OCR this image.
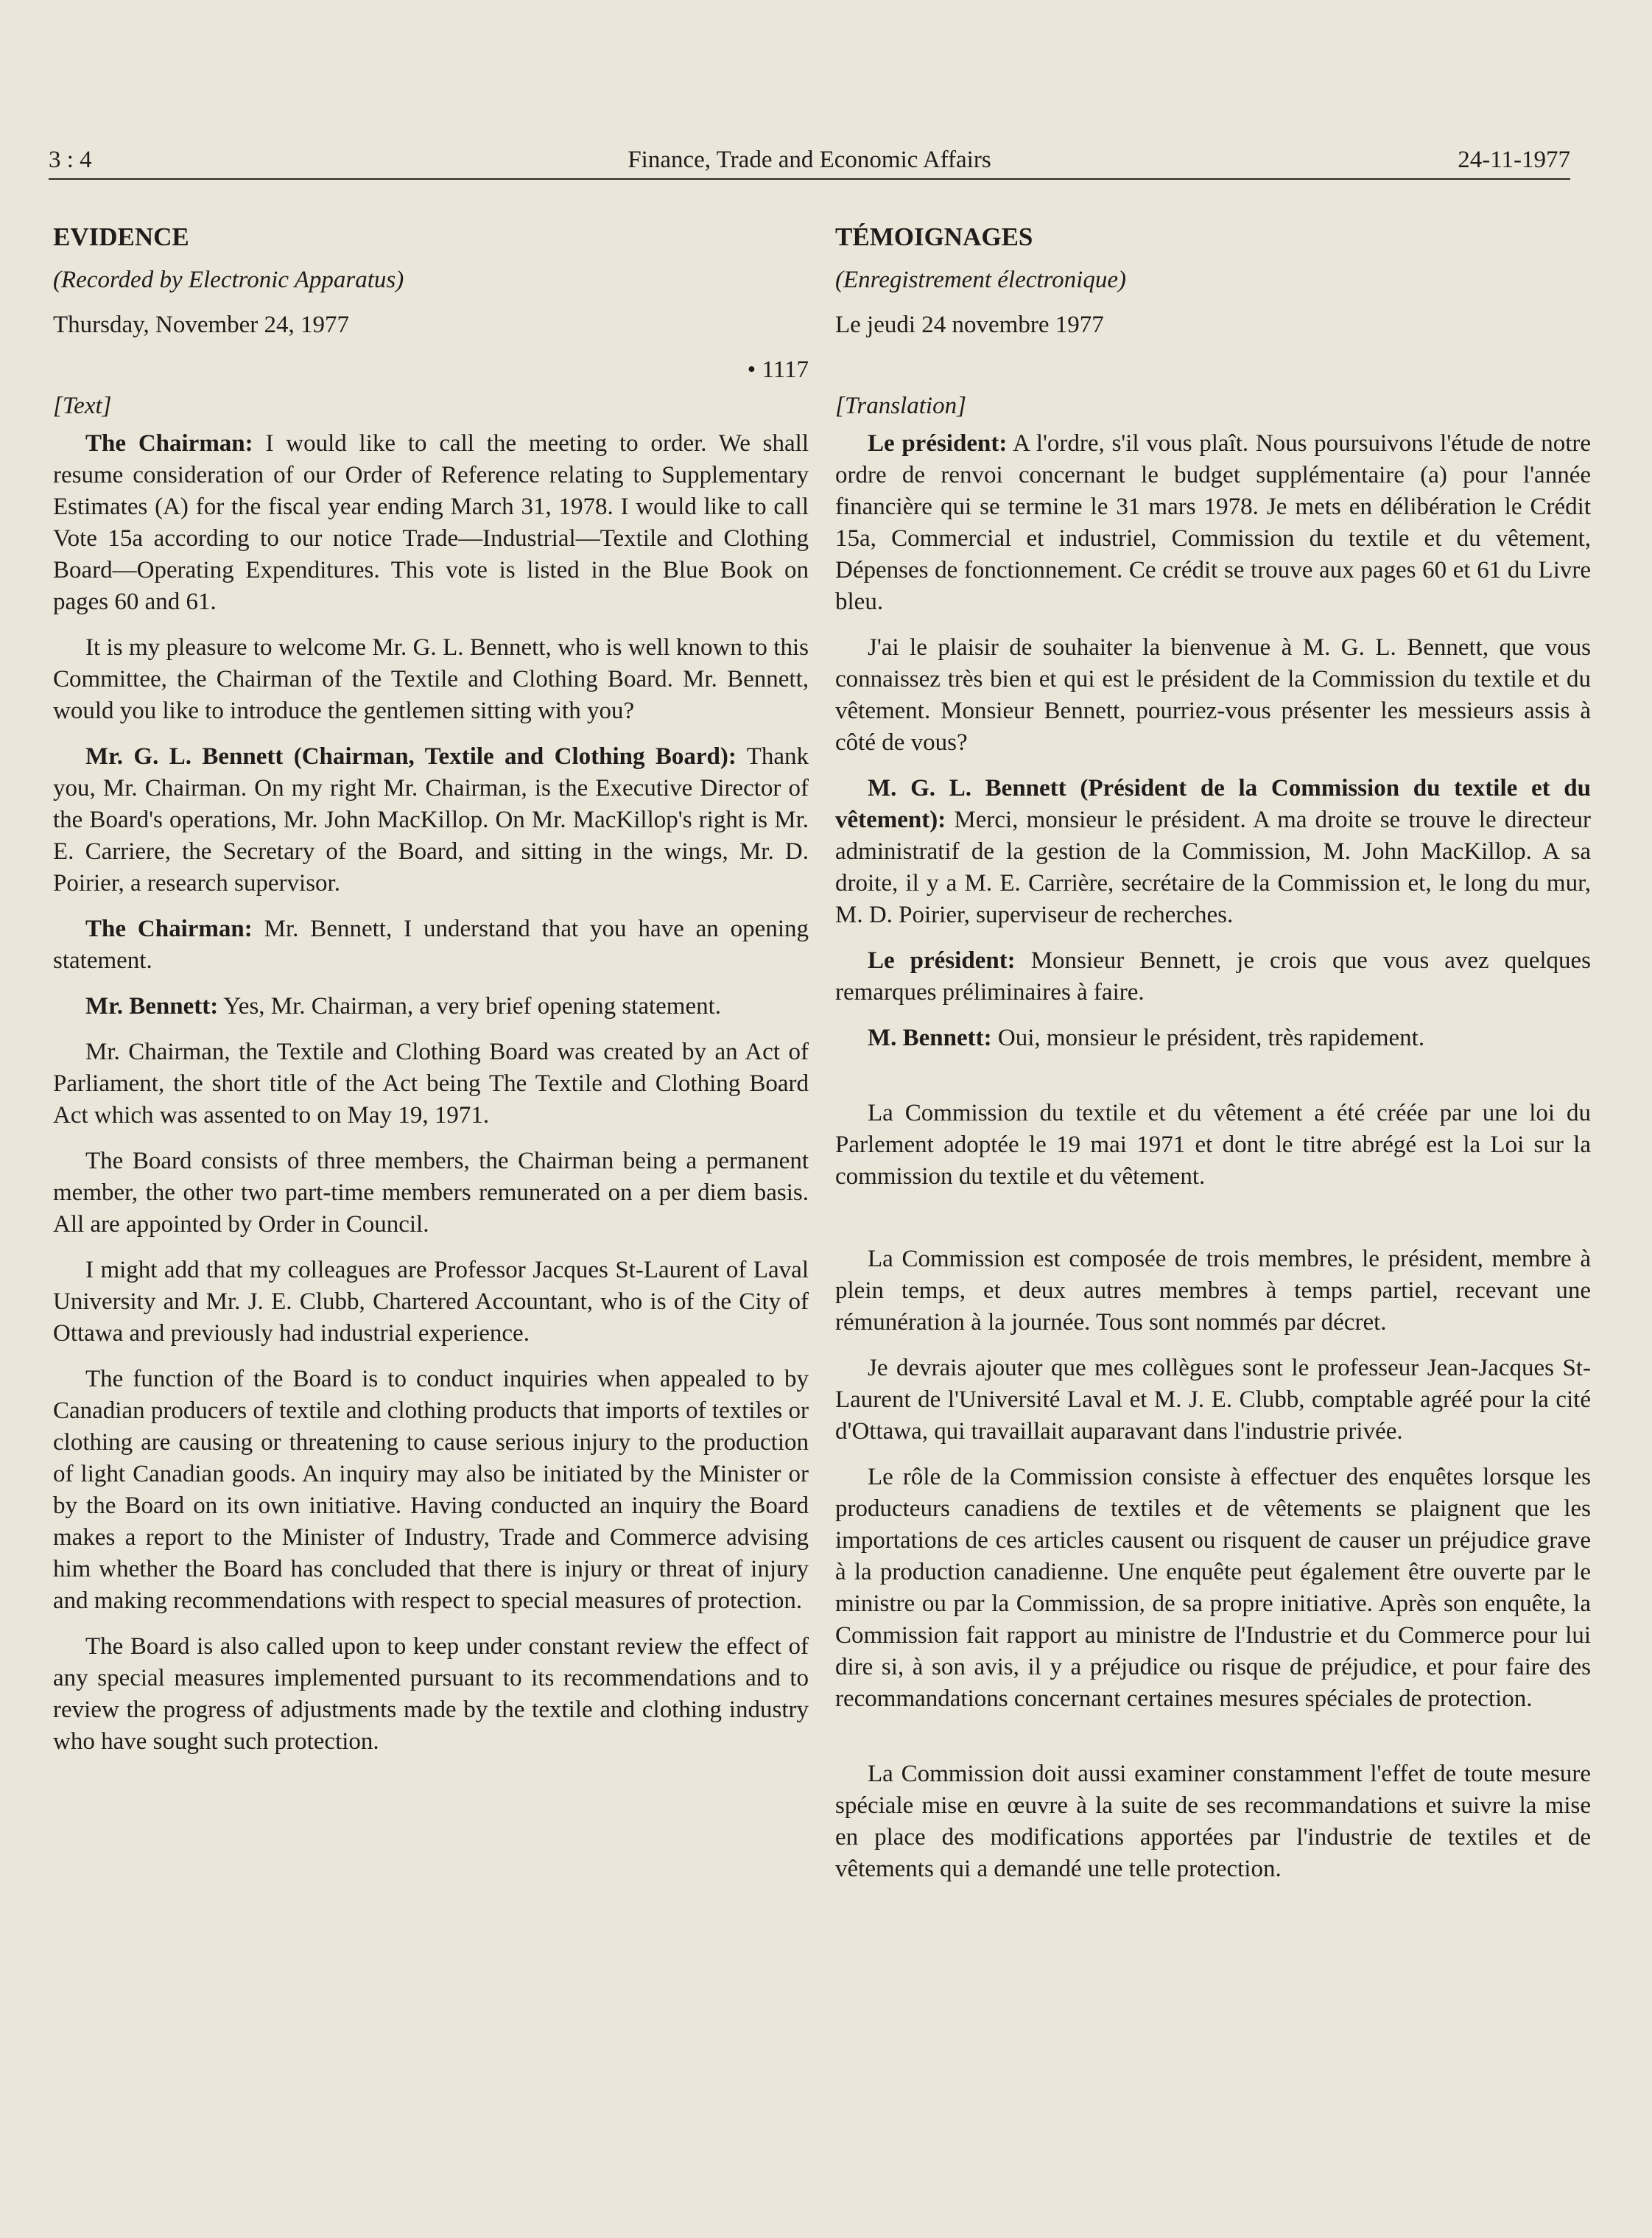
3 : 4	Finance, Trade and Economic Affairs	24-11-1977
EVIDENCE
(Recorded by Electronic Apparatus)
Thursday, November 24, 1977
• 1117
[Text]

The Chairman: I would like to call the meeting to order. We shall resume consideration of our Order of Reference relating to Supplementary Estimates (A) for the fiscal year ending March 31, 1978. I would like to call Vote 15a according to our notice Trade—Industrial—Textile and Clothing Board—Operating Expenditures. This vote is listed in the Blue Book on pages 60 and 61.

It is my pleasure to welcome Mr. G. L. Bennett, who is well known to this Committee, the Chairman of the Textile and Clothing Board. Mr. Bennett, would you like to introduce the gentlemen sitting with you?

Mr. G. L. Bennett (Chairman, Textile and Clothing Board): Thank you, Mr. Chairman. On my right Mr. Chairman, is the Executive Director of the Board's operations, Mr. John MacKillop. On Mr. MacKillop's right is Mr. E. Carriere, the Secretary of the Board, and sitting in the wings, Mr. D. Poirier, a research supervisor.

The Chairman: Mr. Bennett, I understand that you have an opening statement.

Mr. Bennett: Yes, Mr. Chairman, a very brief opening statement.

Mr. Chairman, the Textile and Clothing Board was created by an Act of Parliament, the short title of the Act being The Textile and Clothing Board Act which was assented to on May 19, 1971.

The Board consists of three members, the Chairman being a permanent member, the other two part-time members remunerated on a per diem basis. All are appointed by Order in Council.

I might add that my colleagues are Professor Jacques St-Laurent of Laval University and Mr. J. E. Clubb, Chartered Accountant, who is of the City of Ottawa and previously had industrial experience.

The function of the Board is to conduct inquiries when appealed to by Canadian producers of textile and clothing products that imports of textiles or clothing are causing or threatening to cause serious injury to the production of light Canadian goods. An inquiry may also be initiated by the Minister or by the Board on its own initiative. Having conducted an inquiry the Board makes a report to the Minister of Industry, Trade and Commerce advising him whether the Board has concluded that there is injury or threat of injury and making recommendations with respect to special measures of protection.

The Board is also called upon to keep under constant review the effect of any special measures implemented pursuant to its recommendations and to review the progress of adjustments made by the textile and clothing industry who have sought such protection.

TÉMOIGNAGES
(Enregistrement électronique)
Le jeudi 24 novembre 1977

[Translation]

Le président: A l'ordre, s'il vous plaît. Nous poursuivons l'étude de notre ordre de renvoi concernant le budget supplémentaire (a) pour l'année financière qui se termine le 31 mars 1978. Je mets en délibération le Crédit 15a, Commercial et industriel, Commission du textile et du vêtement, Dépenses de fonctionnement. Ce crédit se trouve aux pages 60 et 61 du Livre bleu.

J'ai le plaisir de souhaiter la bienvenue à M. G. L. Bennett, que vous connaissez très bien et qui est le président de la Commission du textile et du vêtement. Monsieur Bennett, pourriez-vous présenter les messieurs assis à côté de vous?

M. G. L. Bennett (Président de la Commission du textile et du vêtement): Merci, monsieur le président. A ma droite se trouve le directeur administratif de la gestion de la Commission, M. John MacKillop. A sa droite, il y a M. E. Carrière, secrétaire de la Commission et, le long du mur, M. D. Poirier, superviseur de recherches.

Le président: Monsieur Bennett, je crois que vous avez quelques remarques préliminaires à faire.

M. Bennett: Oui, monsieur le président, très rapidement.

La Commission du textile et du vêtement a été créée par une loi du Parlement adoptée le 19 mai 1971 et dont le titre abrégé est la Loi sur la commission du textile et du vêtement.

La Commission est composée de trois membres, le président, membre à plein temps, et deux autres membres à temps partiel, recevant une rémunération à la journée. Tous sont nommés par décret.

Je devrais ajouter que mes collègues sont le professeur Jean-Jacques St-Laurent de l'Université Laval et M. J. E. Clubb, comptable agréé pour la cité d'Ottawa, qui travaillait auparavant dans l'industrie privée.

Le rôle de la Commission consiste à effectuer des enquêtes lorsque les producteurs canadiens de textiles et de vêtements se plaignent que les importations de ces articles causent ou risquent de causer un préjudice grave à la production canadienne. Une enquête peut également être ouverte par le ministre ou par la Commission, de sa propre initiative. Après son enquête, la Commission fait rapport au ministre de l'Industrie et du Commerce pour lui dire si, à son avis, il y a préjudice ou risque de préjudice, et pour faire des recommandations concernant certaines mesures spéciales de protection.

La Commission doit aussi examiner constamment l'effet de toute mesure spéciale mise en œuvre à la suite de ses recommandations et suivre la mise en place des modifications apportées par l'industrie de textiles et de vêtements qui a demandé une telle protection.
